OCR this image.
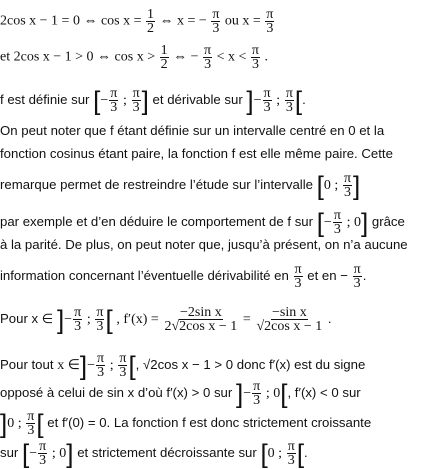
2cos x − 1 = 0 ⇔ $\cos x = \frac{1}{2}$ ⇔ x = − $\frac{\pi}{3}$ ou $x = \frac{\pi}{3}$
et 2cos x − 1 > 0 ⇔ $\cos x > \frac{1}{2}$ ⇔ − $\frac{\pi}{3} < x < \frac{\pi}{3}$ .
f est définie sur [− $\frac{\pi}{3}$ ; $\frac{\pi}{3}$ ] et dérivable sur ]− $\frac{\pi}{3}$ ; $\frac{\pi}{3}$ [.
On peut noter que f étant définie sur un intervalle centré en 0 et la
fonction cosinus étant paire, la fonction f est elle même paire. Cette
remarque permet de restreindre l’étude sur l’intervalle [0 ; $\frac{\pi}{3}$ ]
par exemple et d’en déduire le comportement de f sur [− $\frac{\pi}{3}$ ; 0] grâce
à la parité. De plus, on peut noter que, jusqu’à présent, on n’a aucune
information concernant l’éventuelle dérivabilité en $\frac{\pi}{3}$ et en − $\frac{\pi}{3}$ .
Pour x ∈ ]− $\frac{\pi}{3}$ ; $\frac{\pi}{3}$ [ , $f'(x) = \frac{\text{−2sin x}}{\text{2√2cos x − 1}} = \frac{\text{−sin x}}{\text{√2cos x − 1}}$ .
Pour tout x ∈]− $\frac{\pi}{3}$ ; $\frac{\pi}{3}$ [, √2cos x − 1 > 0 donc f′(x) est du signe
opposé à celui de sin x d’où f′(x) > 0 sur ]− $\frac{\pi}{3}$ ; 0[, f′(x) < 0 sur
]0 ; $\frac{\pi}{3}$ [ et f′(0) = 0. La fonction f est donc strictement croissante
sur [− $\frac{\pi}{3}$ ; 0] et strictement décroissante sur [0 ; $\frac{\pi}{3}$ [.
